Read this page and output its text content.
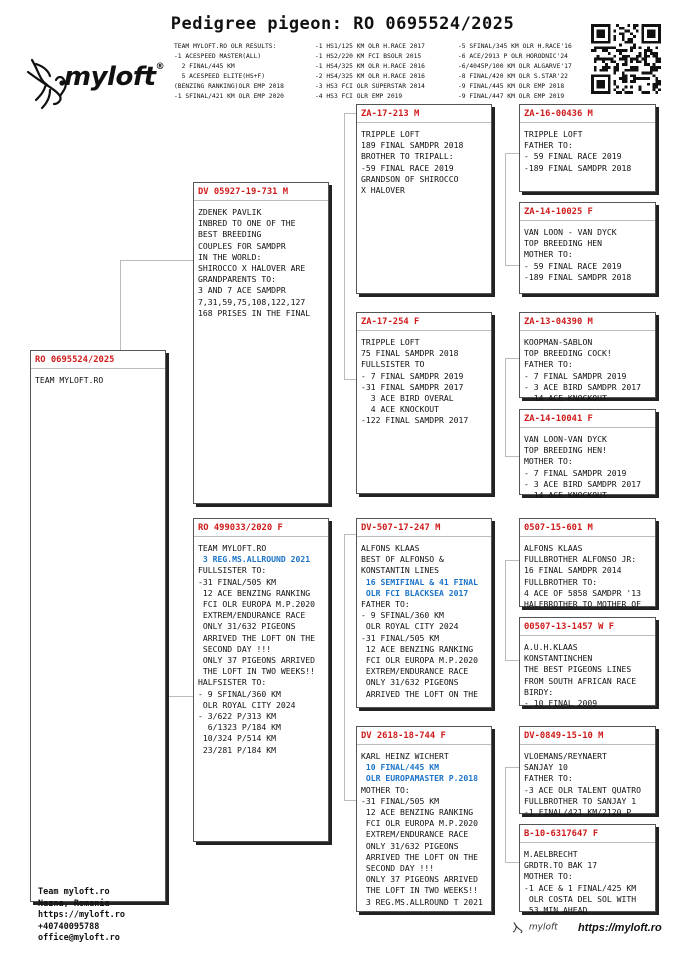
Pedigree pigeon: RO 0695524/2025
myloft®
TEAM MYLOFT.RO OLR RESULTS:
-1 ACESPEED MASTER(ALL)
2 FINAL/445 KM
5 ACESPEED ELITE(HS+F)
(BENZING RANKING)OLR EMP 2018
-1 SFINAL/421 KM OLR EMP 2020
-1 HS1/125 KM OLR H.RACE 2017
-1 HS2/220 KM FCI BSOLR 2015
-1 HS4/325 KM OLR H.RACE 2016
-2 HS4/325 KM OLR H.RACE 2016
-3 HS3 FCI OLR SUPERSTAR 2014
-4 HS3 FCI OLR EMP 2019
-5 SFINAL/345 KM OLR H.RACE'16
-6 ACE/2913 P OLR HORODNIC'24
-6/4045P/100 KM OLR ALGARVE'17
-8 FINAL/420 KM OLR S.STAR'22
-9 FINAL/445 KM OLR EMP 2018
-9 FINAL/447 KM OLR EMP 2019
RO 0695524/2025
TEAM MYLOFT.RO
DV 05927-19-731 M
ZDENEK PAVLIK
INBRED TO ONE OF THE
BEST BREEDING
COUPLES FOR SAMDPR
IN THE WORLD:
SHIROCCO X HALOVER ARE
GRANDPARENTS TO:
3 AND 7 ACE SAMDPR
7,31,59,75,108,122,127
168 PRISES IN THE FINAL
RO 499033/2020 F
TEAM MYLOFT.RO
3 REG.MS.ALLROUND 2021
FULLSISTER TO:
-31 FINAL/505 KM
12 ACE BENZING RANKING
FCI OLR EUROPA M.P.2020
EXTREM/ENDURANCE RACE
ONLY 31/632 PIGEONS
ARRIVED THE LOFT ON THE
SECOND DAY !!!
ONLY 37 PIGEONS ARRIVED
THE LOFT IN TWO WEEKS!!
HALFSISTER TO:
- 9 SFINAL/360 KM
OLR ROYAL CITY 2024
- 3/622 P/313 KM
6/1323 P/184 KM
10/324 P/514 KM
23/281 P/184 KM
ZA-17-213 M
TRIPPLE LOFT
189 FINAL SAMDPR 2018
BROTHER TO TRIPALL:
-59 FINAL RACE 2019
GRANDSON OF SHIROCCO
X HALOVER
ZA-17-254 F
TRIPPLE LOFT
75 FINAL SAMDPR 2018
FULLSISTER TO
- 7 FINAL SAMDPR 2019
-31 FINAL SAMDPR 2017
3 ACE BIRD OVERAL
4 ACE KNOCKOUT
-122 FINAL SAMDPR 2017
DV-507-17-247 M
ALFONS KLAAS
BEST OF ALFONSO &
KONSTANTIN LINES
16 SEMIFINAL & 41 FINAL
OLR FCI BLACKSEA 2017
FATHER TO:
- 9 SFINAL/360 KM
OLR ROYAL CITY 2024
-31 FINAL/505 KM
12 ACE BENZING RANKING
FCI OLR EUROPA M.P.2020
EXTREM/ENDURANCE RACE
ONLY 31/632 PIGEONS
ARRIVED THE LOFT ON THE
DV 2618-18-744 F
KARL HEINZ WICHERT
10 FINAL/445 KM
OLR EUROPAMASTER P.2018
MOTHER TO:
-31 FINAL/505 KM
12 ACE BENZING RANKING
FCI OLR EUROPA M.P.2020
EXTREM/ENDURANCE RACE
ONLY 31/632 PIGEONS
ARRIVED THE LOFT ON THE
SECOND DAY !!!
ONLY 37 PIGEONS ARRIVED
THE LOFT IN TWO WEEKS!!
3 REG.MS.ALLROUND T 2021
ZA-16-00436 M
TRIPPLE LOFT
FATHER TO:
- 59 FINAL RACE 2019
-189 FINAL SAMDPR 2018
ZA-14-10025 F
VAN LOON - VAN DYCK
TOP BREEDING HEN
MOTHER TO:
- 59 FINAL RACE 2019
-189 FINAL SAMDPR 2018
ZA-13-04390 M
KOOPMAN-SABLON
TOP BREEDING COCK!
FATHER TO:
- 7 FINAL SAMDPR 2019
- 3 ACE BIRD SAMDPR 2017
14 ACE KNOCKOUT
ZA-14-10041 F
VAN LOON-VAN DYCK
TOP BREEDING HEN!
MOTHER TO:
- 7 FINAL SAMDPR 2019
- 3 ACE BIRD SAMDPR 2017
14 ACE KNOCKOUT
0507-15-601 M
ALFONS KLAAS
FULLBROTHER ALFONSO JR:
16 FINAL SAMDPR 2014
FULLBROTHER TO:
4 ACE OF 5858 SAMDPR '13
HALFBROTHER TO MOTHER OF
00507-13-1457 W F
A.U.H.KLAAS
KONSTANTINCHEN
THE BEST PIGEONS LINES
FROM SOUTH AFRICAN RACE
BIRDY:
- 10 FINAL 2009
DV-0849-15-10 M
VLOEMANS/REYNAERT
SANJAY 10
FATHER TO:
-3 ACE OLR TALENT QUATRO
FULLBROTHER TO SANJAY 1
-1 FINAL/421 KM/2120 P
B-10-6317647 F
M.AELBRECHT
GRDTR.TO BAK 17
MOTHER TO:
-1 ACE & 1 FINAL/425 KM
OLR COSTA DEL SOL WITH
53 MIN AHEAD
Team myloft.ro
Nazna, Romania
https://myloft.ro
+40740095788
office@myloft.ro
myloft https://myloft.ro
